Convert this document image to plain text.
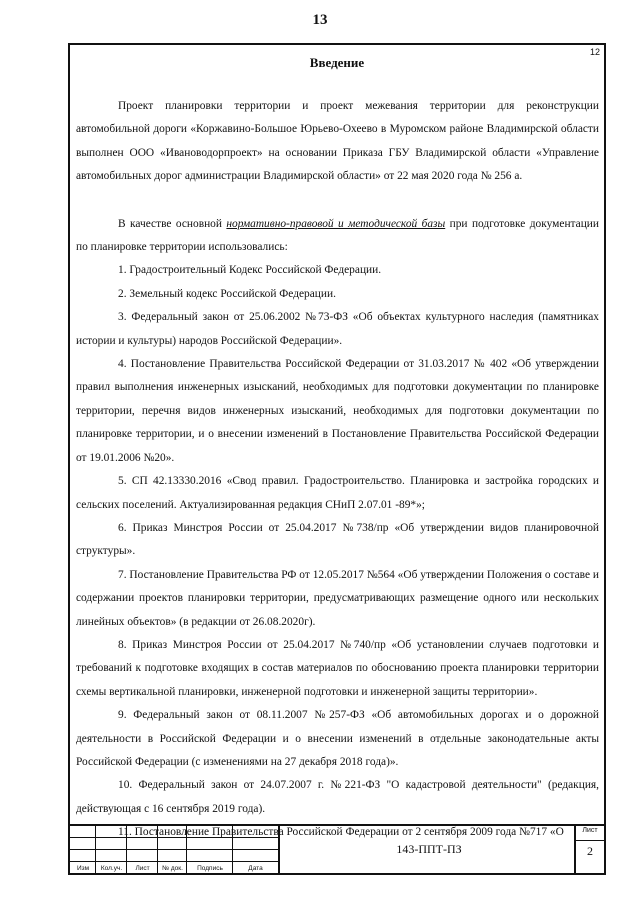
13
12
Введение

Проект планировки территории и проект межевания территории для реконструкции автомобильной дороги «Коржавино-Большое Юрьево-Охеево в Муромском районе Владимирской области выполнен ООО «Ивановодорпроект» на основании Приказа ГБУ Владимирской области «Управление автомобильных дорог администрации Владимирской области» от 22 мая 2020 года № 256 а.

В качестве основной нормативно-правовой и методической базы при подготовке документации по планировке территории использовались:

1. Градостроительный Кодекс Российской Федерации.

2. Земельный кодекс Российской Федерации.

3. Федеральный закон от 25.06.2002 №73-ФЗ «Об объектах культурного наследия (памятниках истории и культуры) народов Российской Федерации».

4. Постановление Правительства Российской Федерации от 31.03.2017 № 402 «Об утверждении правил выполнения инженерных изысканий, необходимых для подготовки документации по планировке территории, перечня видов инженерных изысканий, необходимых для подготовки документации по планировке территории, и о внесении изменений в Постановление Правительства Российской Федерации от 19.01.2006 №20».

5. СП 42.13330.2016 «Свод правил. Градостроительство. Планировка и застройка городских и сельских поселений. Актуализированная редакция СНиП 2.07.01 -89*»;

6. Приказ Минстроя России от 25.04.2017 №738/пр «Об утверждении видов планировочной структуры».

7. Постановление Правительства РФ от 12.05.2017 №564 «Об утверждении Положения о составе и содержании проектов планировки территории, предусматривающих размещение одного или нескольких линейных объектов» (в редакции от 26.08.2020г).

8. Приказ Минстроя России от 25.04.2017 №740/пр «Об установлении случаев подготовки и требований к подготовке входящих в состав материалов по обоснованию проекта планировки территории схемы вертикальной планировки, инженерной подготовки и инженерной защиты территории».

9. Федеральный закон от 08.11.2007 №257-ФЗ «Об автомобильных дорогах и о дорожной деятельности в Российской Федерации и о внесении изменений в отдельные законодательные акты Российской Федерации (с изменениями на 27 декабря 2018 года)».

10. Федеральный закон от 24.07.2007 г. №221-ФЗ "О кадастровой деятельности" (редакция, действующая с 16 сентября 2019 года).

11. Постановление Правительства Российской Федерации от 2 сентября 2009 года №717 «О

Изм	Кол.уч.	Лист	№ док.	Подпись	Дата
143-ППТ-ПЗ
Лист
2
